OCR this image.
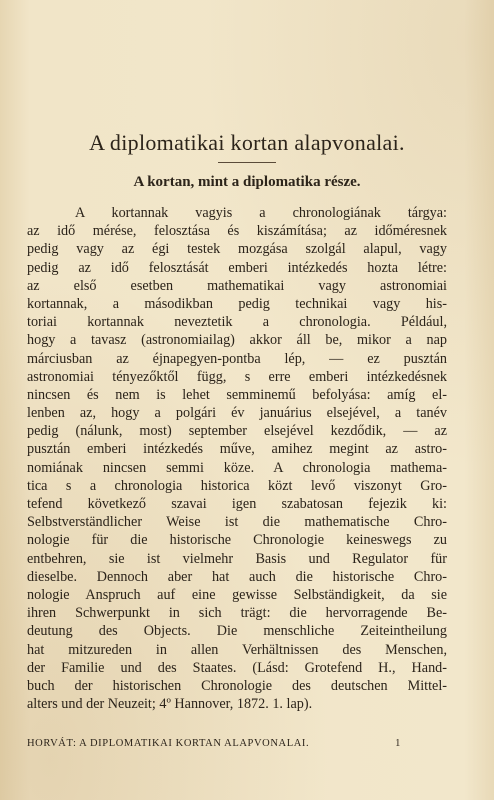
A diplomatikai kortan alapvonalai.
A kortan, mint a diplomatika része.
A kortannak vagyis a chronologiának tárgya:
az idő mérése, felosztása és kiszámítása; az időméresnek
pedig vagy az égi testek mozgása szolgál alapul, vagy
pedig az idő felosztását emberi intézkedés hozta létre:
az első esetben mathematikai vagy astronomiai
kortannak, a másodikban pedig technikai vagy his-
toriai kortannak neveztetik a chronologia. Például,
hogy a tavasz (astronomiailag) akkor áll be, mikor a nap
márciusban az éjnapegyen-pontba lép, — ez pusztán
astronomiai tényezőktől függ, s erre emberi intézkedésnek
nincsen és nem is lehet semminemű befolyása: amíg el-
lenben az, hogy a polgári év januárius elsejével, a tanév
pedig (nálunk, most) september elsejével kezdődik, — az
pusztán emberi intézkedés műve, amihez megint az astro-
nomiának nincsen semmi köze. A chronologia mathema-
tica s a chronologia historica közt levő viszonyt Gro-
tefend következő szavai igen szabatosan fejezik ki:
Selbstverständlicher Weise ist die mathematische Chro-
nologie für die historische Chronologie keineswegs zu
entbehren, sie ist vielmehr Basis und Regulator für
dieselbe. Dennoch aber hat auch die historische Chro-
nologie Anspruch auf eine gewisse Selbständigkeit, da sie
ihren Schwerpunkt in sich trägt: die hervorragende Be-
deutung des Objects. Die menschliche Zeiteintheilung
hat mitzureden in allen Verhältnissen des Menschen,
der Familie und des Staates. (Lásd: Grotefend H., Hand-
buch der historischen Chronologie des deutschen Mittel-
alters und der Neuzeit; 4º Hannover, 1872. 1. lap).
HORVÁT: A DIPLOMATIKAI KORTAN ALAPVONALAI.	1
